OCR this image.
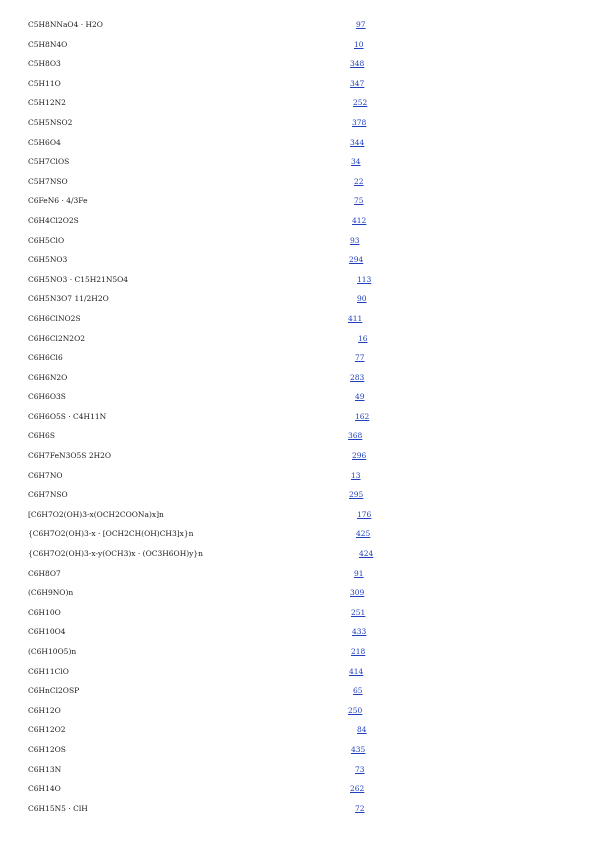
C5H8NNaO4 · H2O	97
C5H8N4O	10
C5H8O3	348
C5H11O	347
C5H12N2	252
C5H5NSO2	378
C5H6O4	344
C5H7ClOS	34
C5H7NSO	22
C6FeN6 · 4/3Fe	75
C6H4Cl2O2S	412
C6H5ClO	93
C6H5NO3	294
C6H5NO3 · C15H21N5O4	113
C6H5N3O7 11/2H2O	90
C6H6ClNO2S	411
C6H6Cl2N2O2	16
C6H6Cl6	77
C6H6N2O	283
C6H6O3S	49
C6H6O5S · C4H11N	162
C6H6S	368
C6H7FeN3O5S 2H2O	296
C6H7NO	13
C6H7NSO	295
[C6H7O2(OH)3-x(OCH2COONa)x]n	176
{C6H7O2(OH)3-x · [OCH2CH(OH)CH3]x}n	425
{C6H7O2(OH)3-x-y(OCH3)x · (OC3H6OH)y}n	424
C6H8O7	91
(C6H9NO)n	309
C6H10O	251
C6H10O4	433
(C6H10O5)n	218
C6H11ClO	414
C6HnCl2OSP	65
C6H12O	250
C6H12O2	84
C6H12OS	435
C6H13N	73
C6H14O	262
C6H15N5 · ClH	72
